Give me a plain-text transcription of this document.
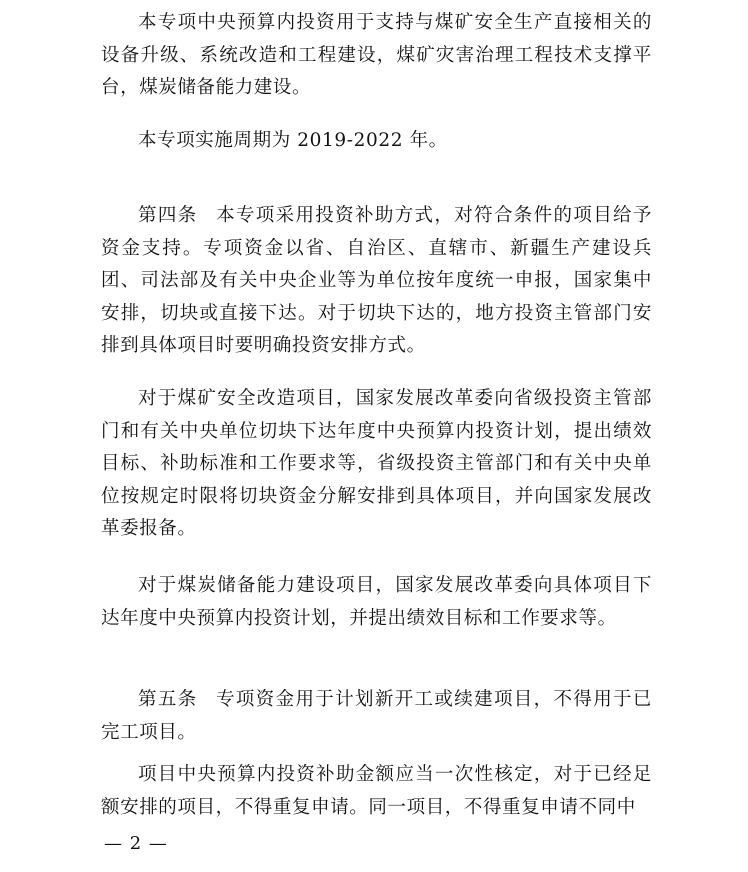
本专项中央预算内投资用于支持与煤矿安全生产直接相关的设备升级、系统改造和工程建设，煤矿灾害治理工程技术支撑平台，煤炭储备能力建设。

本专项实施周期为 2019-2022 年。

第四条 本专项采用投资补助方式，对符合条件的项目给予资金支持。专项资金以省、自治区、直辖市、新疆生产建设兵团、司法部及有关中央企业等为单位按年度统一申报，国家集中安排，切块或直接下达。对于切块下达的，地方投资主管部门安排到具体项目时要明确投资安排方式。

对于煤矿安全改造项目，国家发展改革委向省级投资主管部门和有关中央单位切块下达年度中央预算内投资计划，提出绩效目标、补助标准和工作要求等，省级投资主管部门和有关中央单位按规定时限将切块资金分解安排到具体项目，并向国家发展改革委报备。

对于煤炭储备能力建设项目，国家发展改革委向具体项目下达年度中央预算内投资计划，并提出绩效目标和工作要求等。

第五条 专项资金用于计划新开工或续建项目，不得用于已完工项目。

项目中央预算内投资补助金额应当一次性核定，对于已经足额安排的项目，不得重复申请。同一项目，不得重复申请不同中

— 2 —
